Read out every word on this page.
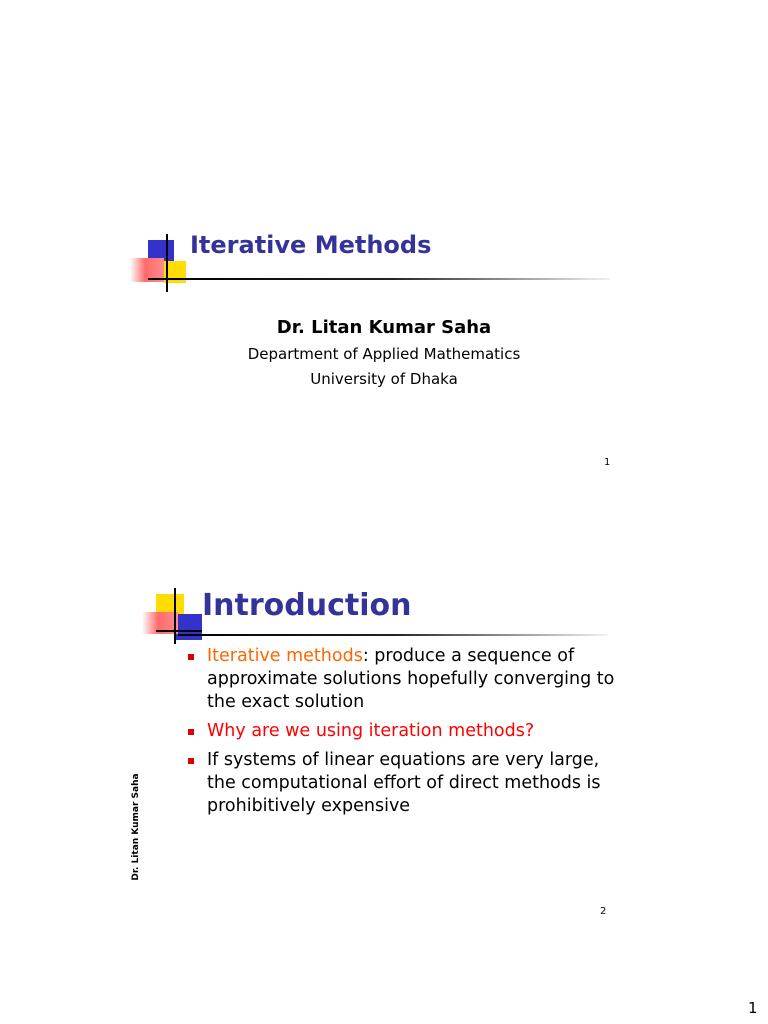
Iterative Methods
Dr. Litan Kumar Saha
Department of Applied Mathematics
University of Dhaka
1
Introduction
Iterative methods: produce a sequence of approximate solutions hopefully converging to the exact solution
Why are we using iteration methods?
If systems of linear equations are very large, the computational effort of direct methods is prohibitively expensive
Dr. Litan Kumar Saha
2
1
